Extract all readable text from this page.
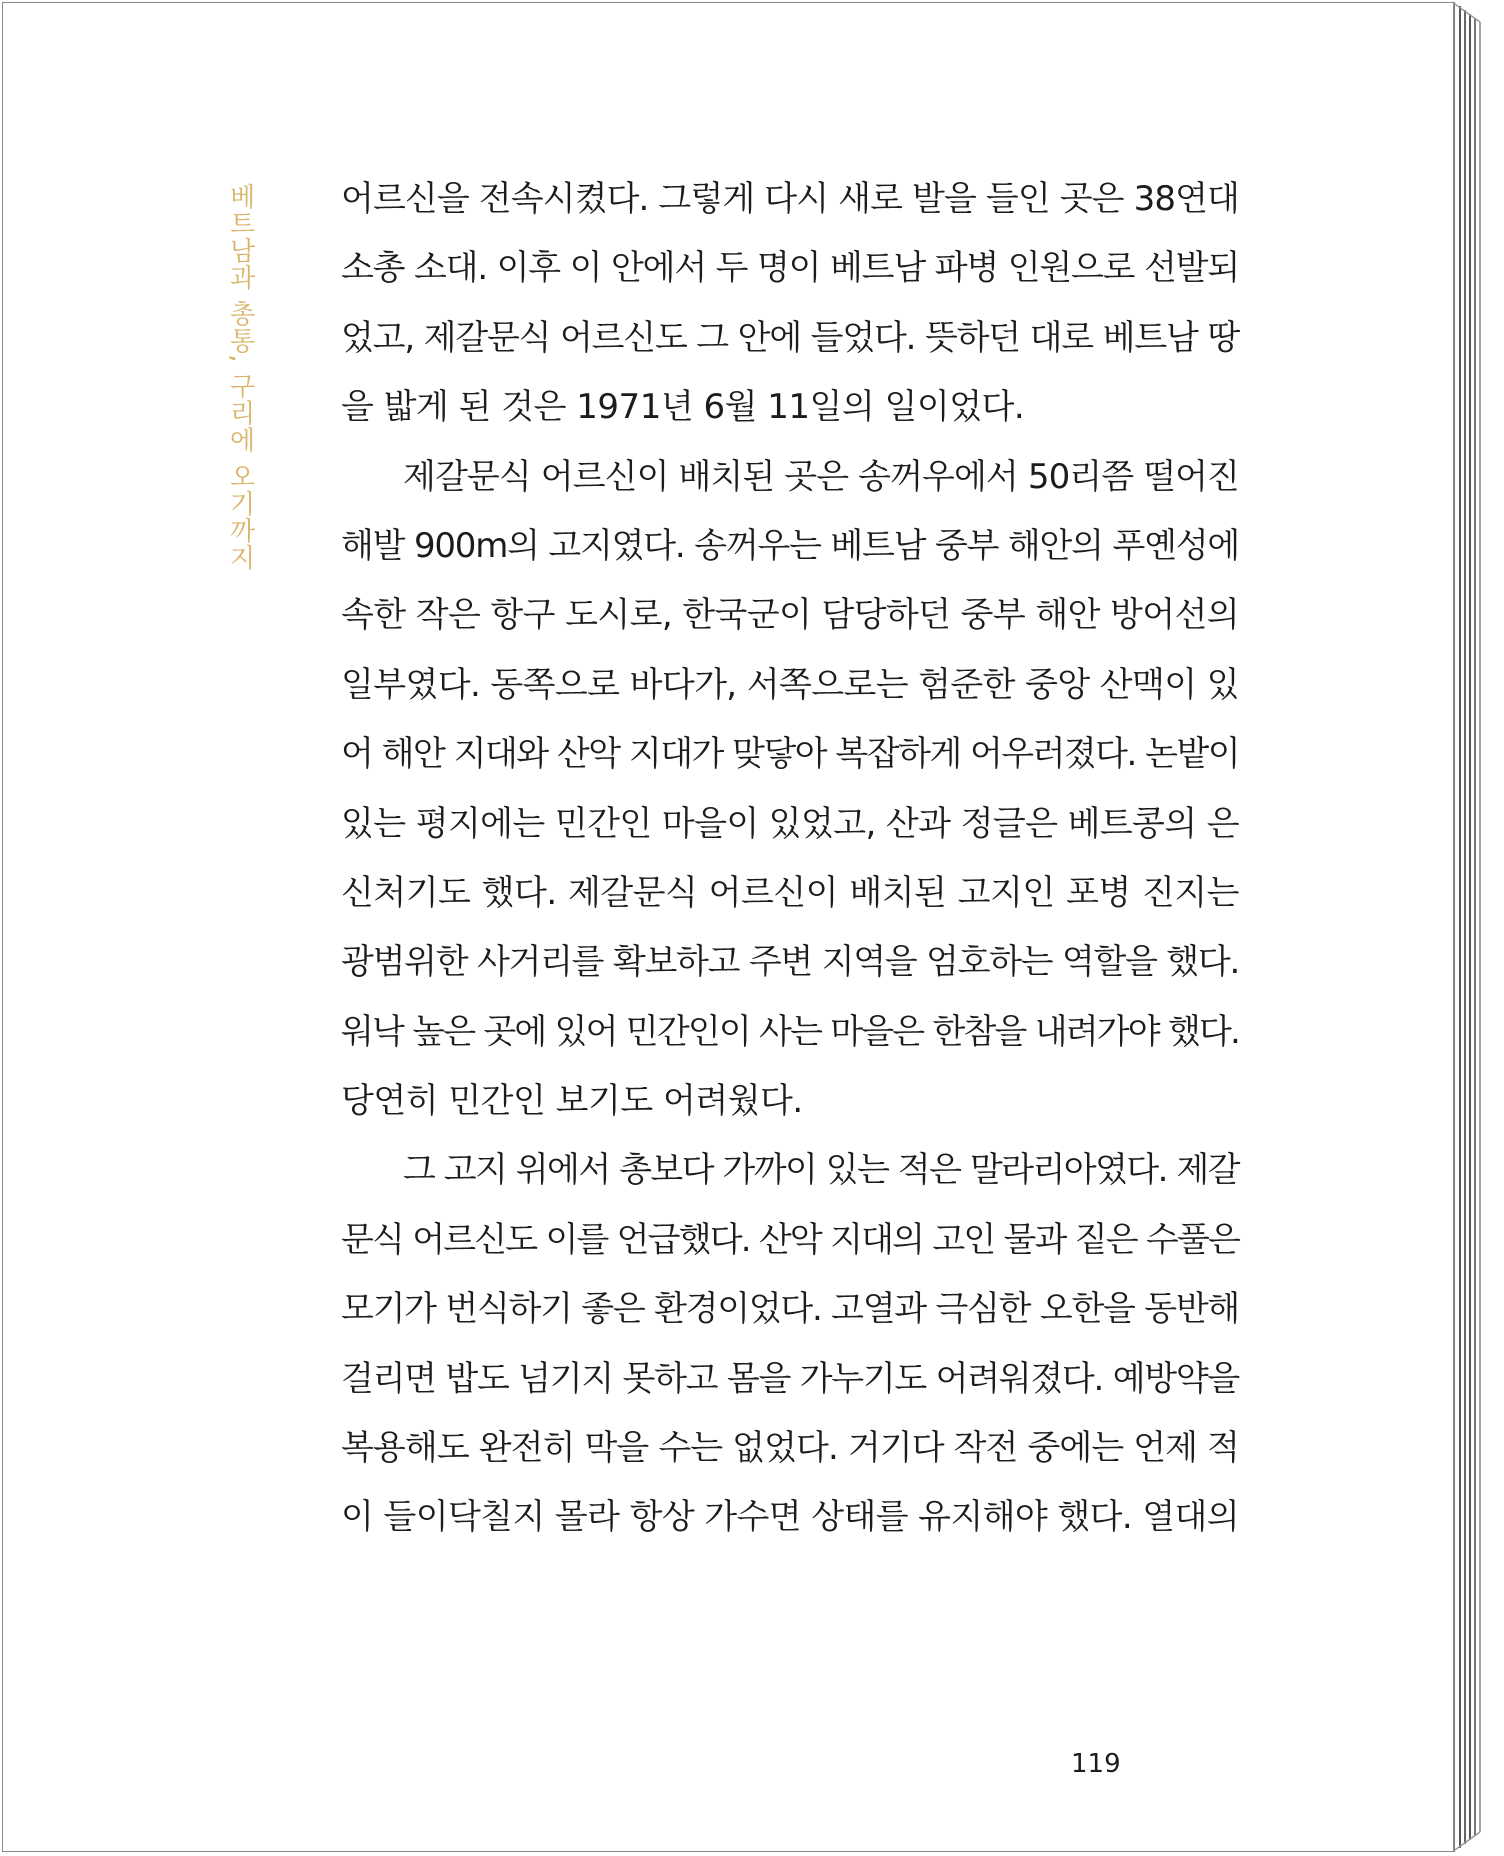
베트남과 총통, 구리에 오기까지	어르신을 전속시켰다. 그렇게 다시 새로 발을 들인 곳은 38연대
소총 소대. 이후 이 안에서 두 명이 베트남 파병 인원으로 선발되
었고, 제갈문식 어르신도 그 안에 들었다. 뜻하던 대로 베트남 땅
을 밟게 된 것은 1971년 6월 11일의 일이었다.
제갈문식 어르신이 배치된 곳은 송꺼우에서 50리쯤 떨어진
해발 900m의 고지였다. 송꺼우는 베트남 중부 해안의 푸옌성에
속한 작은 항구 도시로, 한국군이 담당하던 중부 해안 방어선의
일부였다. 동쪽으로 바다가, 서쪽으로는 험준한 중앙 산맥이 있
어 해안 지대와 산악 지대가 맞닿아 복잡하게 어우러졌다. 논밭이
있는 평지에는 민간인 마을이 있었고, 산과 정글은 베트콩의 은
신처기도 했다. 제갈문식 어르신이 배치된 고지인 포병 진지는
광범위한 사거리를 확보하고 주변 지역을 엄호하는 역할을 했다.
워낙 높은 곳에 있어 민간인이 사는 마을은 한참을 내려가야 했다.
당연히 민간인 보기도 어려웠다.
그 고지 위에서 총보다 가까이 있는 적은 말라리아였다. 제갈
문식 어르신도 이를 언급했다. 산악 지대의 고인 물과 짙은 수풀은
모기가 번식하기 좋은 환경이었다. 고열과 극심한 오한을 동반해
걸리면 밥도 넘기지 못하고 몸을 가누기도 어려워졌다. 예방약을
복용해도 완전히 막을 수는 없었다. 거기다 작전 중에는 언제 적
이 들이닥칠지 몰라 항상 가수면 상태를 유지해야 했다. 열대의
119
